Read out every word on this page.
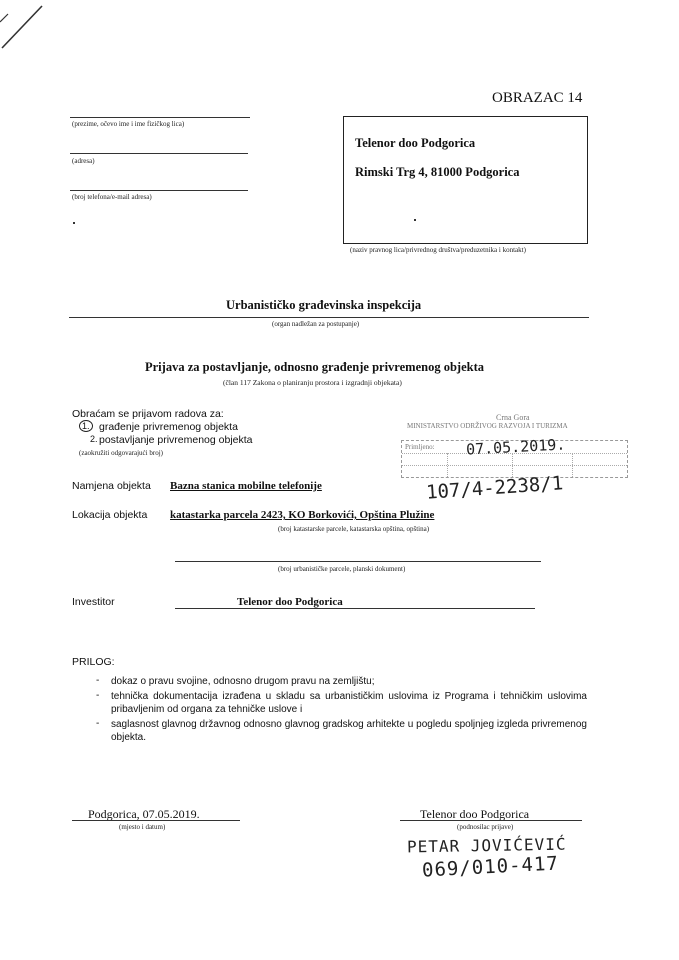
OBRAZAC 14
(prezime, očevo ime i ime fizičkog lica)
(adresa)
(broj telefona/e-mail adresa)
Telenor doo Podgorica
Rimski Trg 4, 81000 Podgorica
(naziv pravnog lica/privrednog društva/preduzetnika i kontakt)
Urbanističko građevinska inspekcija
(organ nadležan za postupanje)
Prijava za postavljanje, odnosno građenje privremenog objekta
(član 117 Zakona o planiranju prostora i izgradnji objekata)
Obraćam se prijavom radova za:
1. građenje privremenog objekta
2. postavljanje privremenog objekta
(zaokružiti odgovarajući broj)
Crna Gora
MINISTARSTVO ODRŽIVOG RAZVOJA I TURIZMA
Primljeno: 07.05.2019.
107/4-2238/1
Namjena objekta Bazna stanica mobilne telefonije
Lokacija objekta katastarka parcela 2423, KO Borkovići, Opština Plužine
(broj katastarske parcele, katastarska opština, opština)
(broj urbanističke parcele, planski dokument)
Investitor	Telenor doo Podgorica
PRILOG:
- dokaz o pravu svojine, odnosno drugom pravu na zemljištu;
- tehnička dokumentacija izrađena u skladu sa urbanističkim uslovima iz Programa i tehničkim uslovima pribavljenim od organa za tehničke uslove i
- saglasnost glavnog državnog odnosno glavnog gradskog arhitekte u pogledu spoljnjeg izgleda privremenog objekta.
Podgorica, 07.05.2019.
(mjesto i datum)
Telenor doo Podgorica
(podnosilac prijave)
PETAR JOVIĆEVIĆ
069/010-417
